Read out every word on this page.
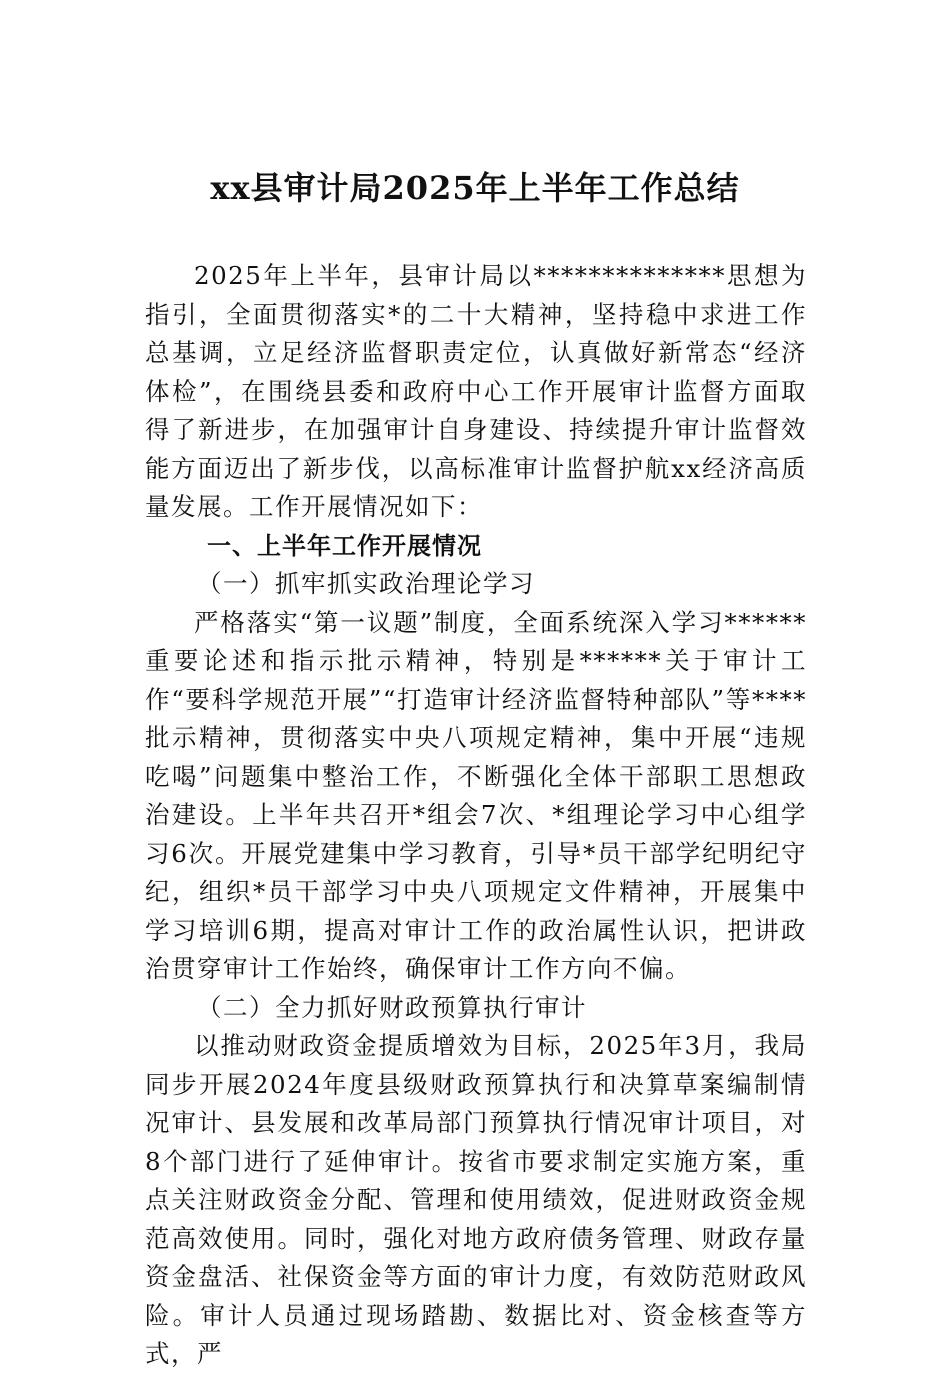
xx县审计局2025年上半年工作总结

2025年上半年，县审计局以**************思想为指引，全面贯彻落实*的二十大精神，坚持稳中求进工作总基调，立足经济监督职责定位，认真做好新常态“经济体检”，在围绕县委和政府中心工作开展审计监督方面取得了新进步，在加强审计自身建设、持续提升审计监督效能方面迈出了新步伐，以高标准审计监督护航xx经济高质量发展。工作开展情况如下：

一、上半年工作开展情况

（一）抓牢抓实政治理论学习

严格落实“第一议题”制度，全面系统深入学习******重要论述和指示批示精神，特别是******关于审计工作“要科学规范开展”“打造审计经济监督特种部队”等****批示精神，贯彻落实中央八项规定精神，集中开展“违规吃喝”问题集中整治工作，不断强化全体干部职工思想政治建设。上半年共召开*组会7次、*组理论学习中心组学习6次。开展党建集中学习教育，引导*员干部学纪明纪守纪，组织*员干部学习中央八项规定文件精神，开展集中学习培训6期，提高对审计工作的政治属性认识，把讲政治贯穿审计工作始终，确保审计工作方向不偏。

（二）全力抓好财政预算执行审计

以推动财政资金提质增效为目标，2025年3月，我局同步开展2024年度县级财政预算执行和决算草案编制情况审计、县发展和改革局部门预算执行情况审计项目，对8个部门进行了延伸审计。按省市要求制定实施方案，重点关注财政资金分配、管理和使用绩效，促进财政资金规范高效使用。同时，强化对地方政府债务管理、财政存量资金盘活、社保资金等方面的审计力度，有效防范财政风险。审计人员通过现场踏勘、数据比对、资金核查等方式，严
